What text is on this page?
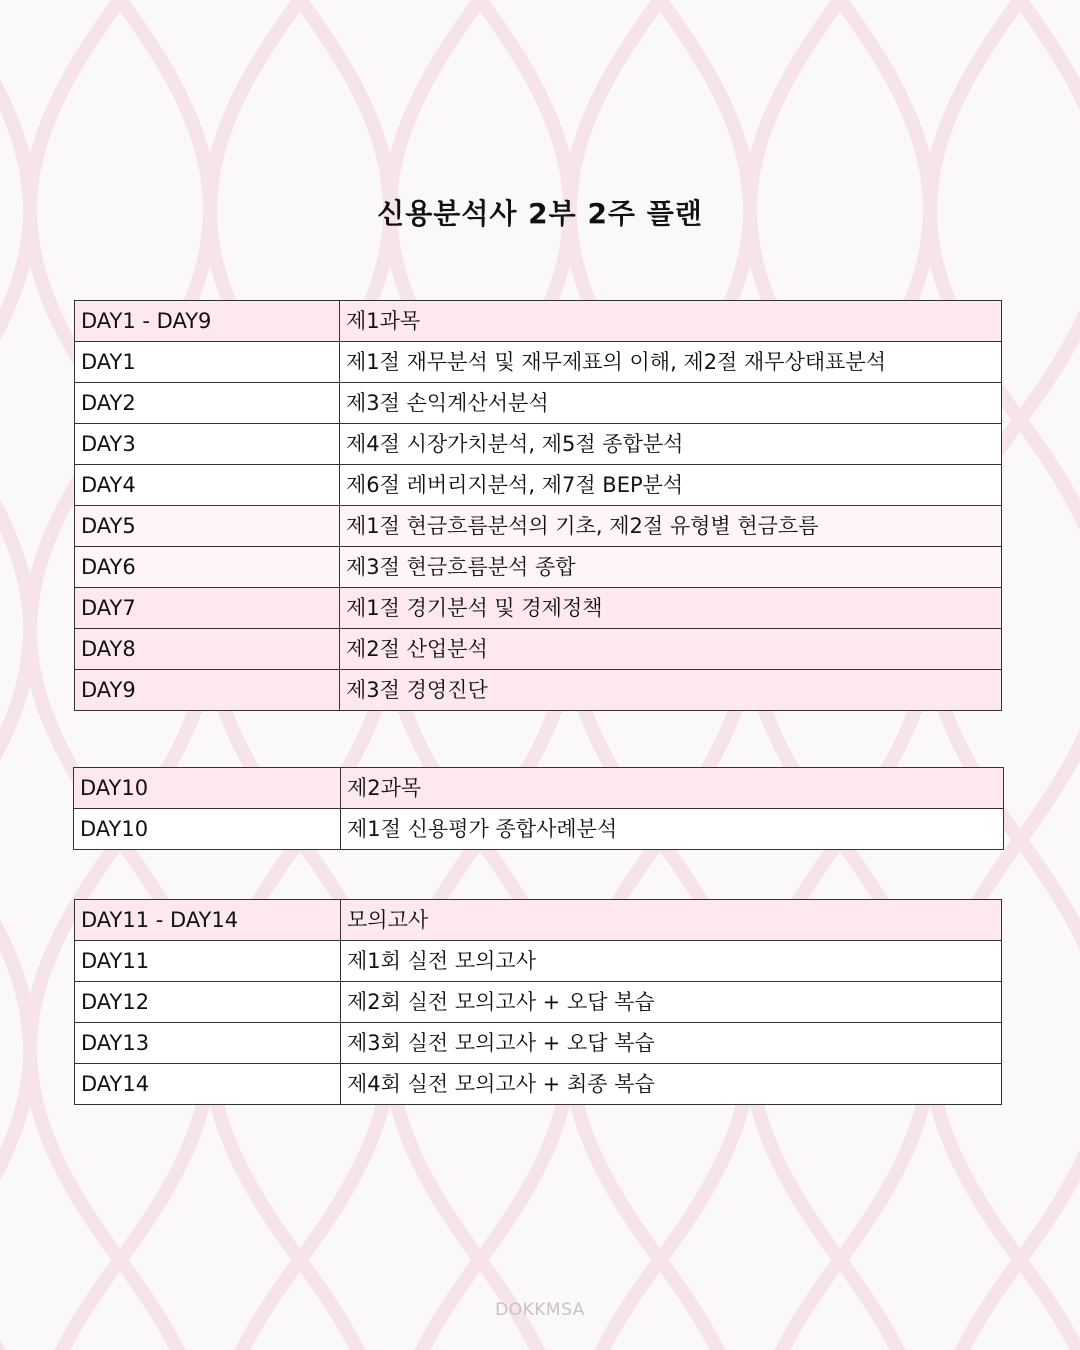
신용분석사 2부 2주 플랜
DAY1 - DAY9	제1과목
DAY1	제1절 재무분석 및 재무제표의 이해, 제2절 재무상태표분석
DAY2	제3절 손익계산서분석
DAY3	제4절 시장가치분석, 제5절 종합분석
DAY4	제6절 레버리지분석, 제7절 BEP분석
DAY5	제1절 현금흐름분석의 기초, 제2절 유형별 현금흐름
DAY6	제3절 현금흐름분석 종합
DAY7	제1절 경기분석 및 경제정책
DAY8	제2절 산업분석
DAY9	제3절 경영진단
DAY10	제2과목
DAY10	제1절 신용평가 종합사례분석
DAY11 - DAY14	모의고사
DAY11	제1회 실전 모의고사
DAY12	제2회 실전 모의고사 + 오답 복습
DAY13	제3회 실전 모의고사 + 오답 복습
DAY14	제4회 실전 모의고사 + 최종 복습
DOKKMSA
